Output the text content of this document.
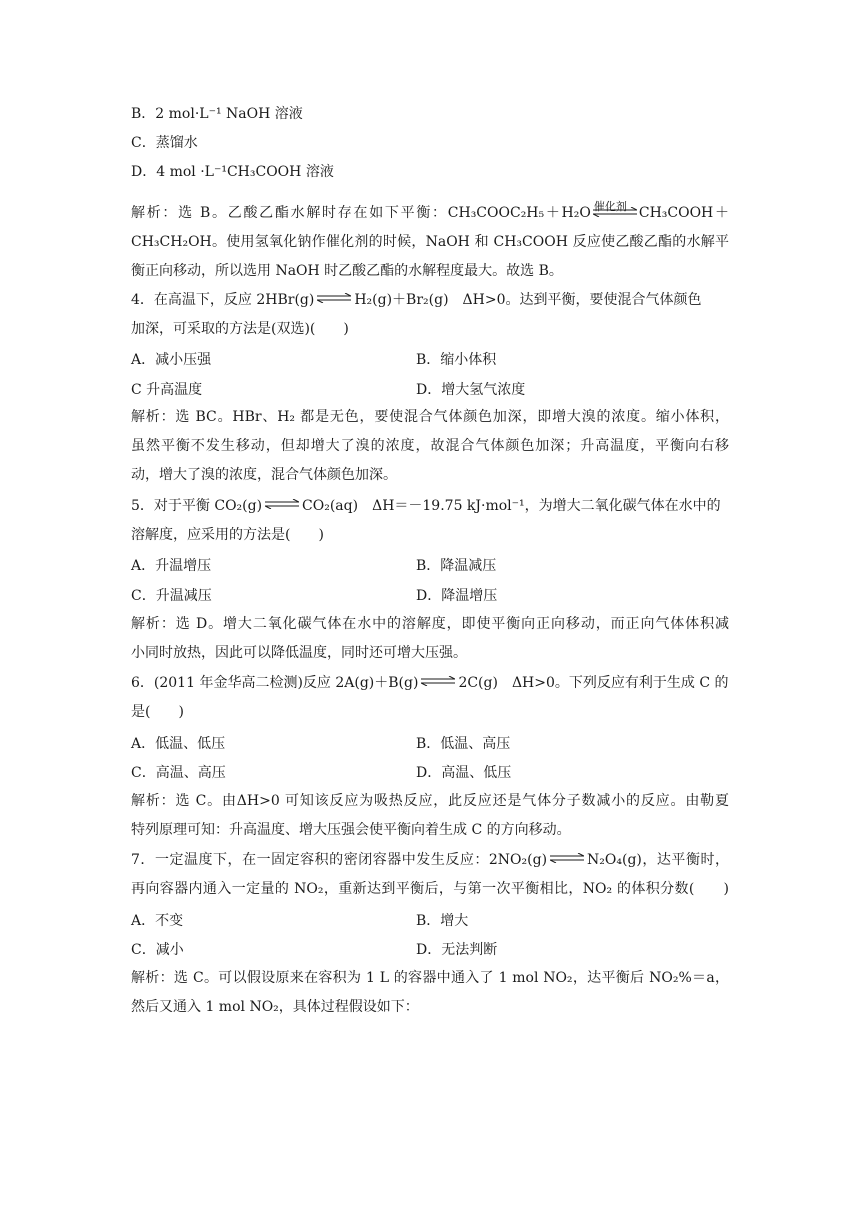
B．2 mol·L⁻¹ NaOH 溶液
C．蒸馏水
D．4 mol ·L⁻¹CH₃COOH 溶液
解析：选 B。乙酸乙酯水解时存在如下平衡：CH₃COOC₂H₅＋H₂O 催化剂 CH₃COOH＋
CH₃CH₂OH。使用氢氧化钠作催化剂的时候，NaOH 和 CH₃COOH 反应使乙酸乙酯的水解平
衡正向移动，所以选用 NaOH 时乙酸乙酯的水解程度最大。故选 B。
4．在高温下，反应 2HBr(g) ⇌ H₂(g)＋Br₂(g)　ΔH>0。达到平衡，要使混合气体颜色
加深，可采取的方法是(双选)(　　)
A．减小压强	B．缩小体积
C 升高温度	D．增大氢气浓度
解析：选 BC。HBr、H₂ 都是无色，要使混合气体颜色加深，即增大溴的浓度。缩小体积，
虽然平衡不发生移动，但却增大了溴的浓度，故混合气体颜色加深；升高温度，平衡向右移
动，增大了溴的浓度，混合气体颜色加深。
5．对于平衡 CO₂(g) ⇌ CO₂(aq)　ΔH＝－19.75 kJ·mol⁻¹，为增大二氧化碳气体在水中的
溶解度，应采用的方法是(　　)
A．升温增压	B．降温减压
C．升温减压	D．降温增压
解析：选 D。增大二氧化碳气体在水中的溶解度，即使平衡向正向移动，而正向气体体积减
小同时放热，因此可以降低温度，同时还可增大压强。
6．(2011 年金华高二检测)反应 2A(g)＋B(g) ⇌ 2C(g)　ΔH>0。下列反应有利于生成 C 的
是(　　)
A．低温、低压	B．低温、高压
C．高温、高压	D．高温、低压
解析：选 C。由ΔH>0 可知该反应为吸热反应，此反应还是气体分子数减小的反应。由勒夏
特列原理可知：升高温度、增大压强会使平衡向着生成 C 的方向移动。
7．一定温度下，在一固定容积的密闭容器中发生反应：2NO₂(g) ⇌ N₂O₄(g)，达平衡时，
再向容器内通入一定量的 NO₂，重新达到平衡后，与第一次平衡相比，NO₂ 的体积分数(　　)
A．不变	B．增大
C．减小	D．无法判断
解析：选 C。可以假设原来在容积为 1 L 的容器中通入了 1 mol NO₂，达平衡后 NO₂%＝a，
然后又通入 1 mol NO₂，具体过程假设如下：
